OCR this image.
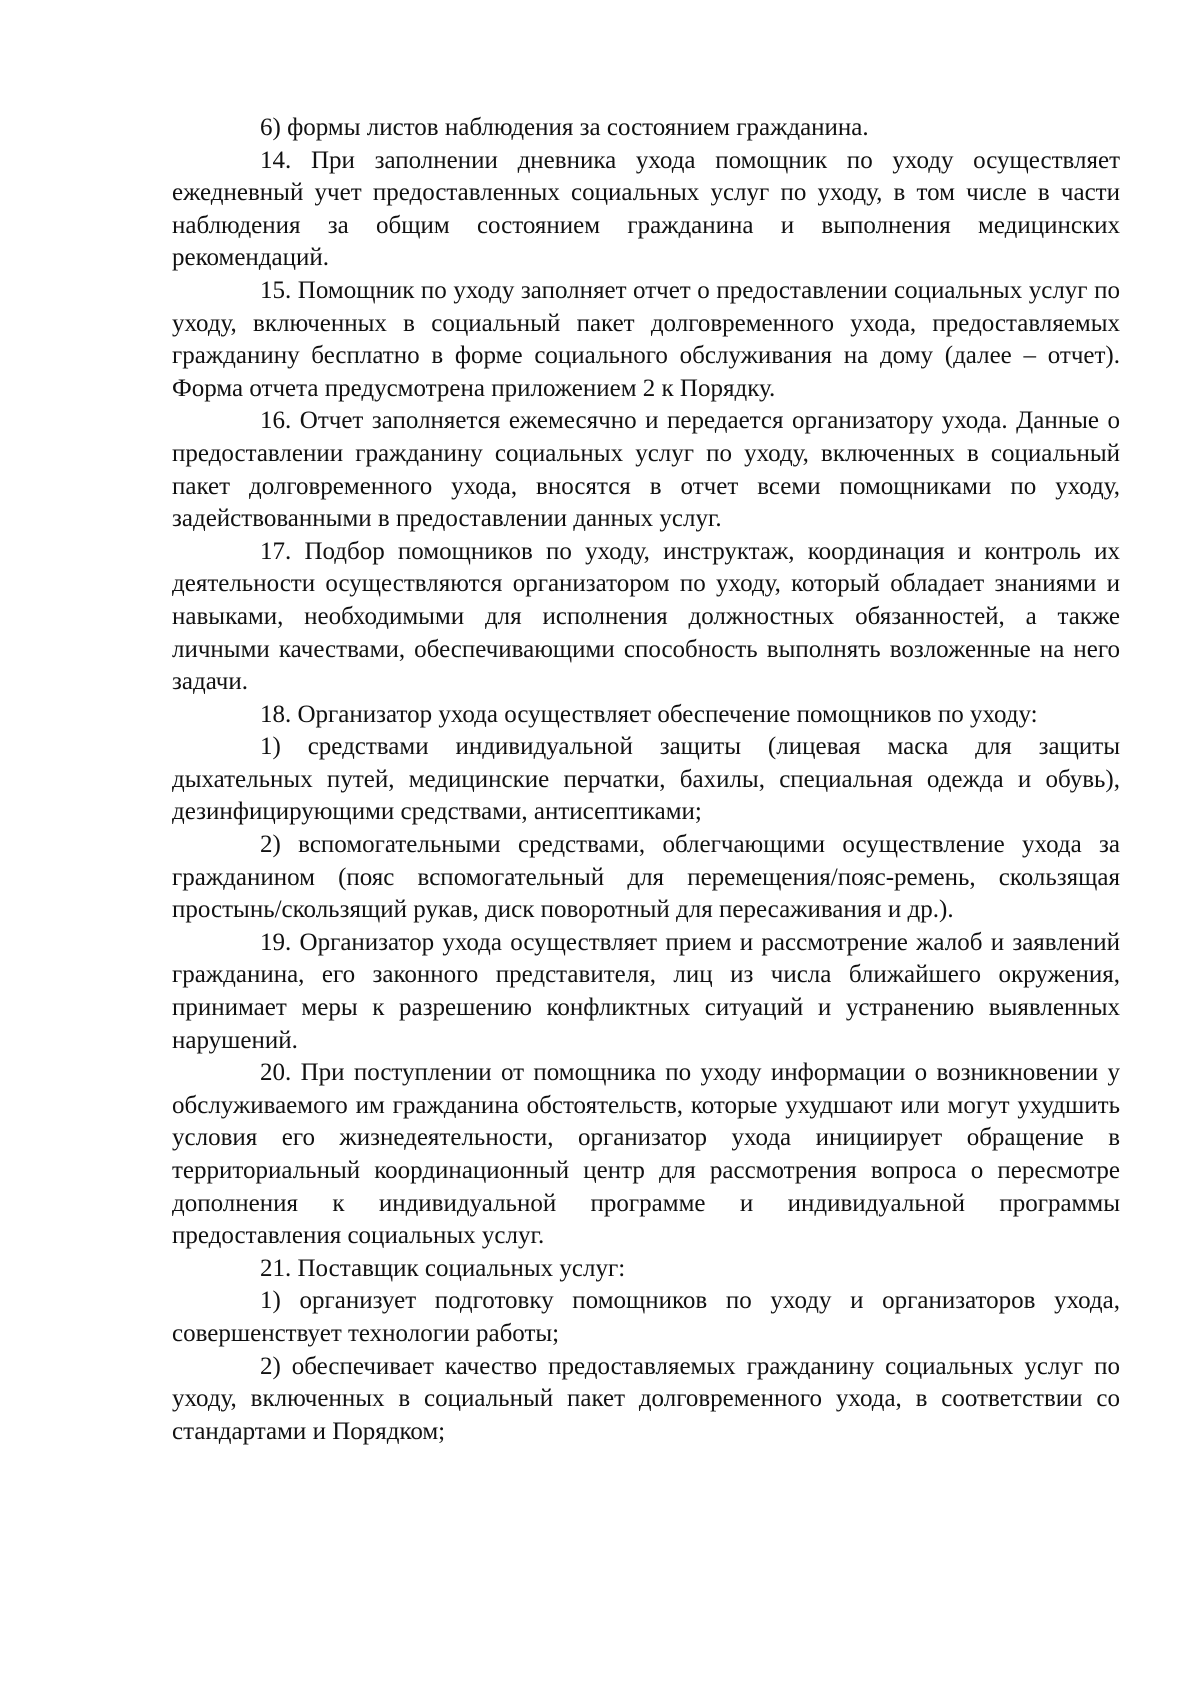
6) формы листов наблюдения за состоянием гражданина.

14. При заполнении дневника ухода помощник по уходу осуществляет ежедневный учет предоставленных социальных услуг по уходу, в том числе в части наблюдения за общим состоянием гражданина и выполнения медицинских рекомендаций.

15. Помощник по уходу заполняет отчет о предоставлении социальных услуг по уходу, включенных в социальный пакет долговременного ухода, предоставляемых гражданину бесплатно в форме социального обслуживания на дому (далее – отчет). Форма отчета предусмотрена приложением 2 к Порядку.

16. Отчет заполняется ежемесячно и передается организатору ухода. Данные о предоставлении гражданину социальных услуг по уходу, включенных в социальный пакет долговременного ухода, вносятся в отчет всеми помощниками по уходу, задействованными в предоставлении данных услуг.

17. Подбор помощников по уходу, инструктаж, координация и контроль их деятельности осуществляются организатором по уходу, который обладает знаниями и навыками, необходимыми для исполнения должностных обязанностей, а также личными качествами, обеспечивающими способность выполнять возложенные на него задачи.

18. Организатор ухода осуществляет обеспечение помощников по уходу:

1) средствами индивидуальной защиты (лицевая маска для защиты дыхательных путей, медицинские перчатки, бахилы, специальная одежда и обувь), дезинфицирующими средствами, антисептиками;

2) вспомогательными средствами, облегчающими осуществление ухода за гражданином (пояс вспомогательный для перемещения/пояс-ремень, скользящая простынь/скользящий рукав, диск поворотный для пересаживания и др.).

19. Организатор ухода осуществляет прием и рассмотрение жалоб и заявлений гражданина, его законного представителя, лиц из числа ближайшего окружения, принимает меры к разрешению конфликтных ситуаций и устранению выявленных нарушений.

20. При поступлении от помощника по уходу информации о возникновении у обслуживаемого им гражданина обстоятельств, которые ухудшают или могут ухудшить условия его жизнедеятельности, организатор ухода инициирует обращение в территориальный координационный центр для рассмотрения вопроса о пересмотре дополнения к индивидуальной программе и индивидуальной программы предоставления социальных услуг.

21. Поставщик социальных услуг:

1) организует подготовку помощников по уходу и организаторов ухода, совершенствует технологии работы;

2) обеспечивает качество предоставляемых гражданину социальных услуг по уходу, включенных в социальный пакет долговременного ухода, в соответствии со стандартами и Порядком;
